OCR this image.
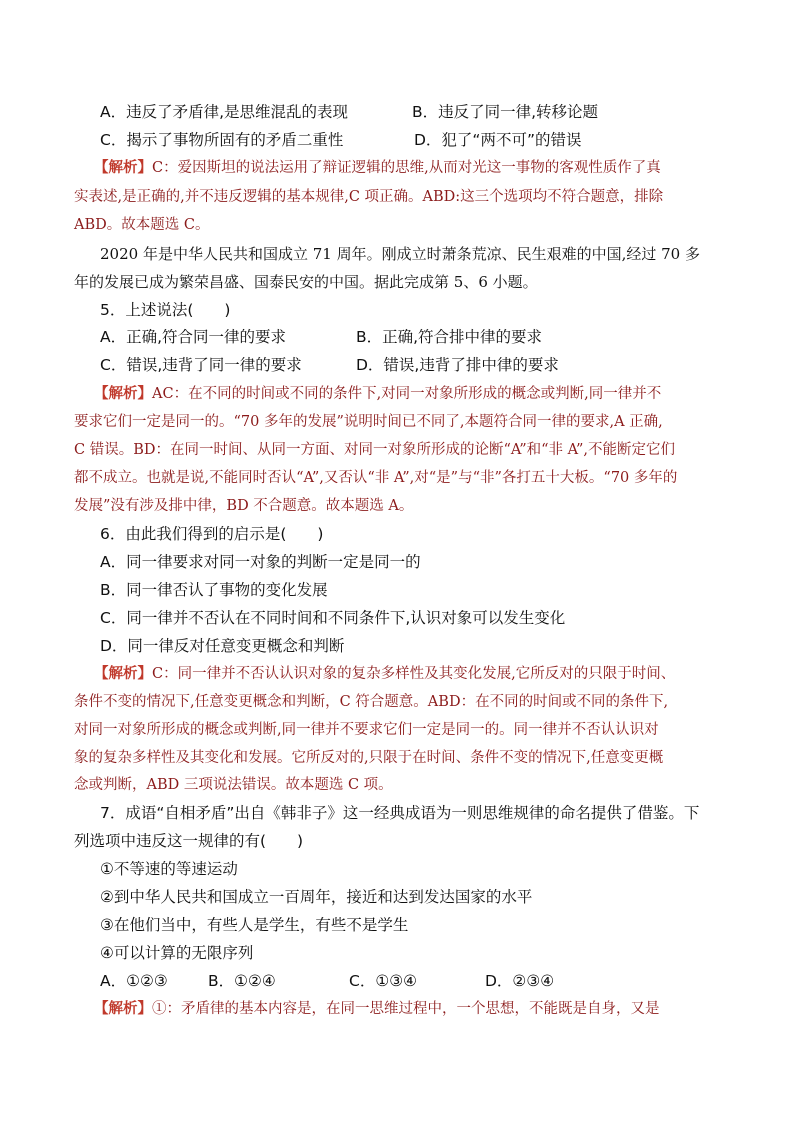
A．违反了矛盾律,是思维混乱的表现	B．违反了同一律,转移论题
C．揭示了事物所固有的矛盾二重性	D．犯了“两不可”的错误
【解析】C：爱因斯坦的说法运用了辩证逻辑的思维,从而对光这一事物的客观性质作了真
实表述,是正确的,并不违反逻辑的基本规律,C 项正确。ABD:这三个选项均不符合题意，排除
ABD。故本题选 C。
2020 年是中华人民共和国成立 71 周年。刚成立时萧条荒凉、民生艰难的中国,经过 70 多
年的发展已成为繁荣昌盛、国泰民安的中国。据此完成第 5、6 小题。
5．上述说法(　　)
A．正确,符合同一律的要求	B．正确,符合排中律的要求
C．错误,违背了同一律的要求	D．错误,违背了排中律的要求
【解析】AC：在不同的时间或不同的条件下,对同一对象所形成的概念或判断,同一律并不
要求它们一定是同一的。“70 多年的发展”说明时间已不同了,本题符合同一律的要求,A 正确,
C 错误。BD：在同一时间、从同一方面、对同一对象所形成的论断“A”和“非 A”,不能断定它们
都不成立。也就是说,不能同时否认“A”,又否认“非 A”,对“是”与“非”各打五十大板。“70 多年的
发展”没有涉及排中律，BD 不合题意。故本题选 A。
6．由此我们得到的启示是(　　)
A．同一律要求对同一对象的判断一定是同一的
B．同一律否认了事物的变化发展
C．同一律并不否认在不同时间和不同条件下,认识对象可以发生变化
D．同一律反对任意变更概念和判断
【解析】C：同一律并不否认认识对象的复杂多样性及其变化发展,它所反对的只限于时间、
条件不变的情况下,任意变更概念和判断，C 符合题意。ABD：在不同的时间或不同的条件下,
对同一对象所形成的概念或判断,同一律并不要求它们一定是同一的。同一律并不否认认识对
象的复杂多样性及其变化和发展。它所反对的,只限于在时间、条件不变的情况下,任意变更概
念或判断，ABD 三项说法错误。故本题选 C 项。
7．成语“自相矛盾”出自《韩非子》这一经典成语为一则思维规律的命名提供了借鉴。下
列选项中违反这一规律的有(　　)
①不等速的等速运动
②到中华人民共和国成立一百周年，接近和达到发达国家的水平
③在他们当中，有些人是学生，有些不是学生
④可以计算的无限序列
A．①②③	B．①②④	C．①③④	D．②③④
【解析】①：矛盾律的基本内容是，在同一思维过程中，一个思想，不能既是自身，又是
